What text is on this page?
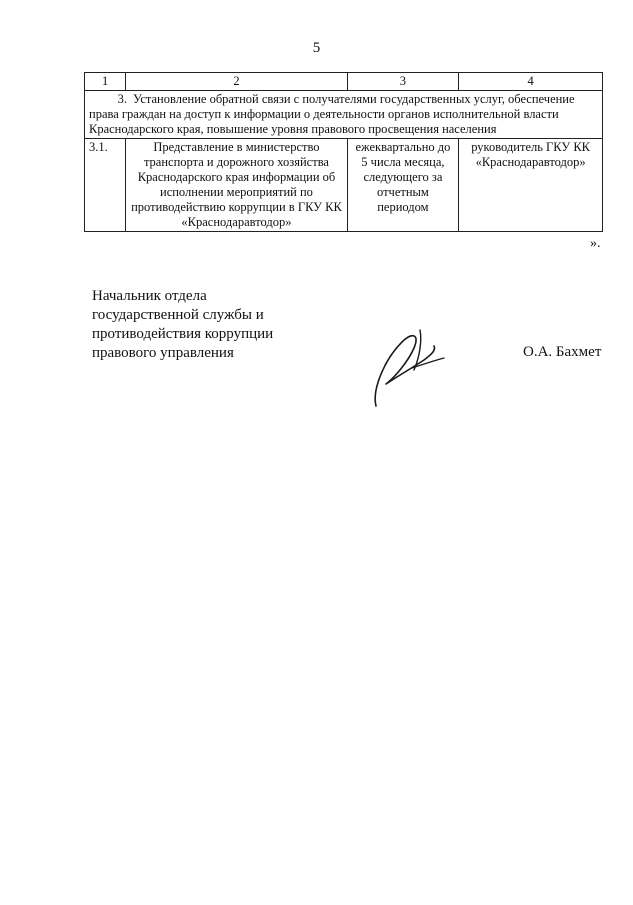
5
1	2	3	4
3. Установление обратной связи с получателями государственных услуг, обеспечение права граждан на доступ к информации о деятельности органов исполнительной власти Краснодарского края, повышение уровня правового просвещения населения			
3.1.	Представление в министерство транспорта и дорожного хозяйства Краснодарского края информации об исполнении мероприятий по противодействию коррупции в ГКУ КК «Краснодаравтодор»	ежеквартально до 5 числа месяца, следующего за отчетным периодом	руководитель ГКУ КК «Краснодаравтодор»
».
Начальник отдела
государственной службы и
противодействия коррупции
правового управления	О.А. Бахмет
